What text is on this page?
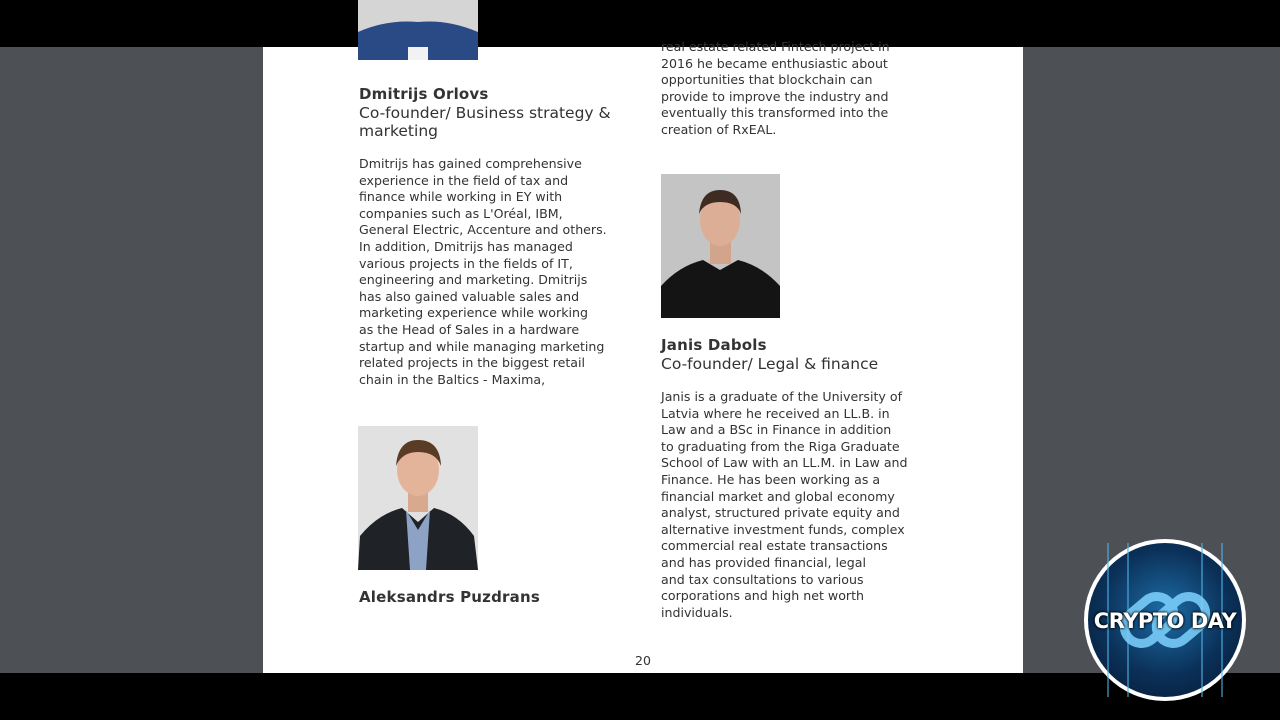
Dmitrijs Orlovs
Co-founder/ Business strategy & marketing
Dmitrijs has gained comprehensive
experience in the field of tax and
finance while working in EY with
companies such as L'Oréal, IBM,
General Electric, Accenture and others.
In addition, Dmitrijs has managed
various projects in the fields of IT,
engineering and marketing. Dmitrijs
has also gained valuable sales and
marketing experience while working
as the Head of Sales in a hardware
startup and while managing marketing
related projects in the biggest retail
chain in the Baltics - Maxima,
Aleksandrs Puzdrans
real estate related Fintech project in
2016 he became enthusiastic about
opportunities that blockchain can
provide to improve the industry and
eventually this transformed into the
creation of RxEAL.
Janis Dabols
Co-founder/ Legal & finance
Janis is a graduate of the University of
Latvia where he received an LL.B. in
Law and a BSc in Finance in addition
to graduating from the Riga Graduate
School of Law with an LL.M. in Law and
Finance. He has been working as a
financial market and global economy
analyst, structured private equity and
alternative investment funds, complex
commercial real estate transactions
and has provided financial, legal
and tax consultations to various
corporations and high net worth
individuals.
20
CRYPTO DAY
